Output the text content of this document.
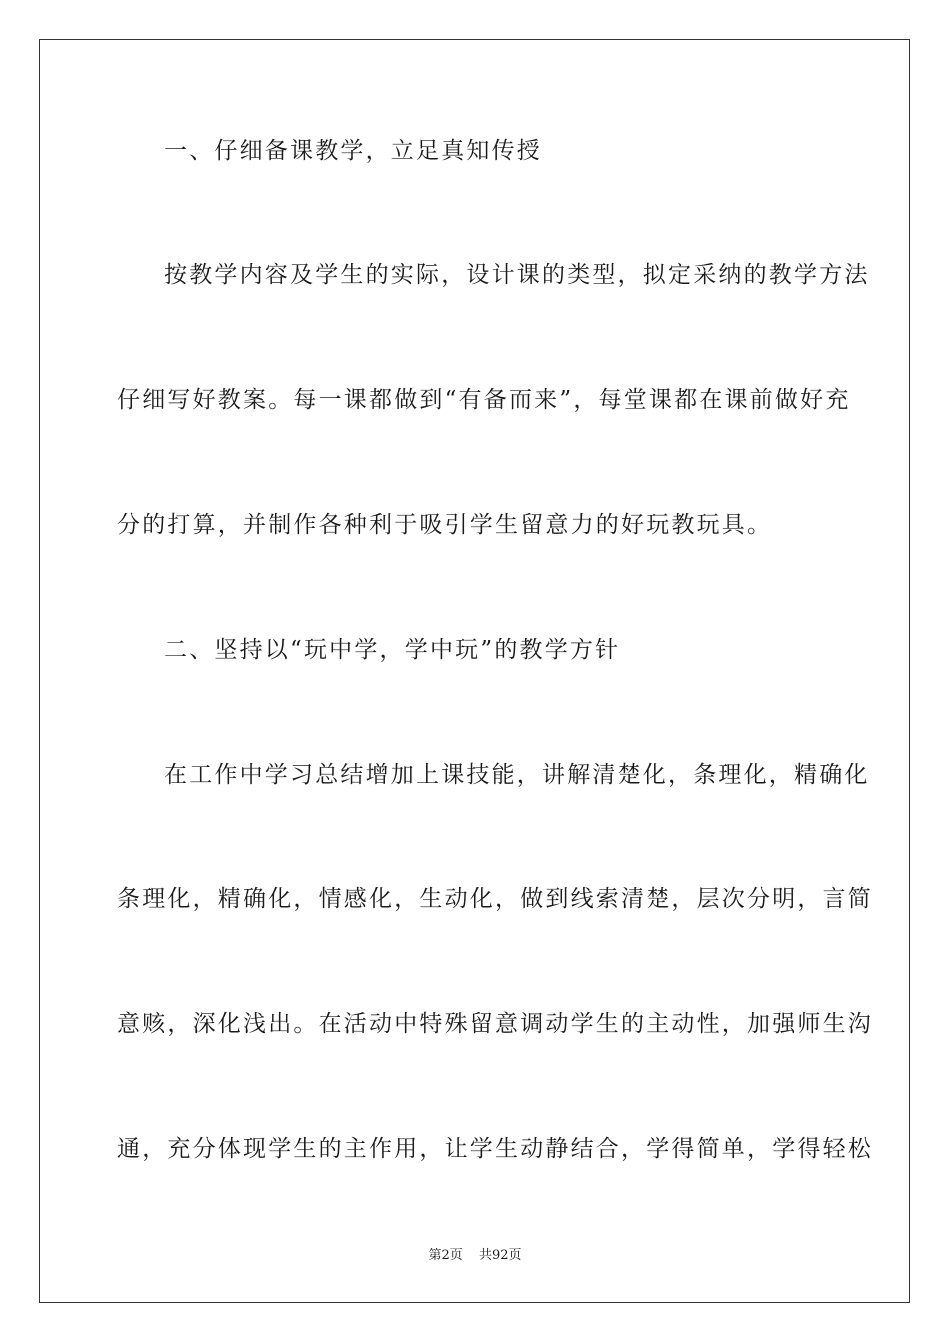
一、仔细备课教学，立足真知传授
按教学内容及学生的实际，设计课的类型，拟定采纳的教学方法
仔细写好教案。每一课都做到“有备而来”，每堂课都在课前做好充
分的打算，并制作各种利于吸引学生留意力的好玩教玩具。
二、坚持以“玩中学，学中玩”的教学方针
在工作中学习总结增加上课技能，讲解清楚化，条理化，精确化
条理化，精确化，情感化，生动化，做到线索清楚，层次分明，言简
意赅，深化浅出。在活动中特殊留意调动学生的主动性，加强师生沟
通，充分体现学生的主作用，让学生动静结合，学得简单，学得轻松
第2页 共92页
